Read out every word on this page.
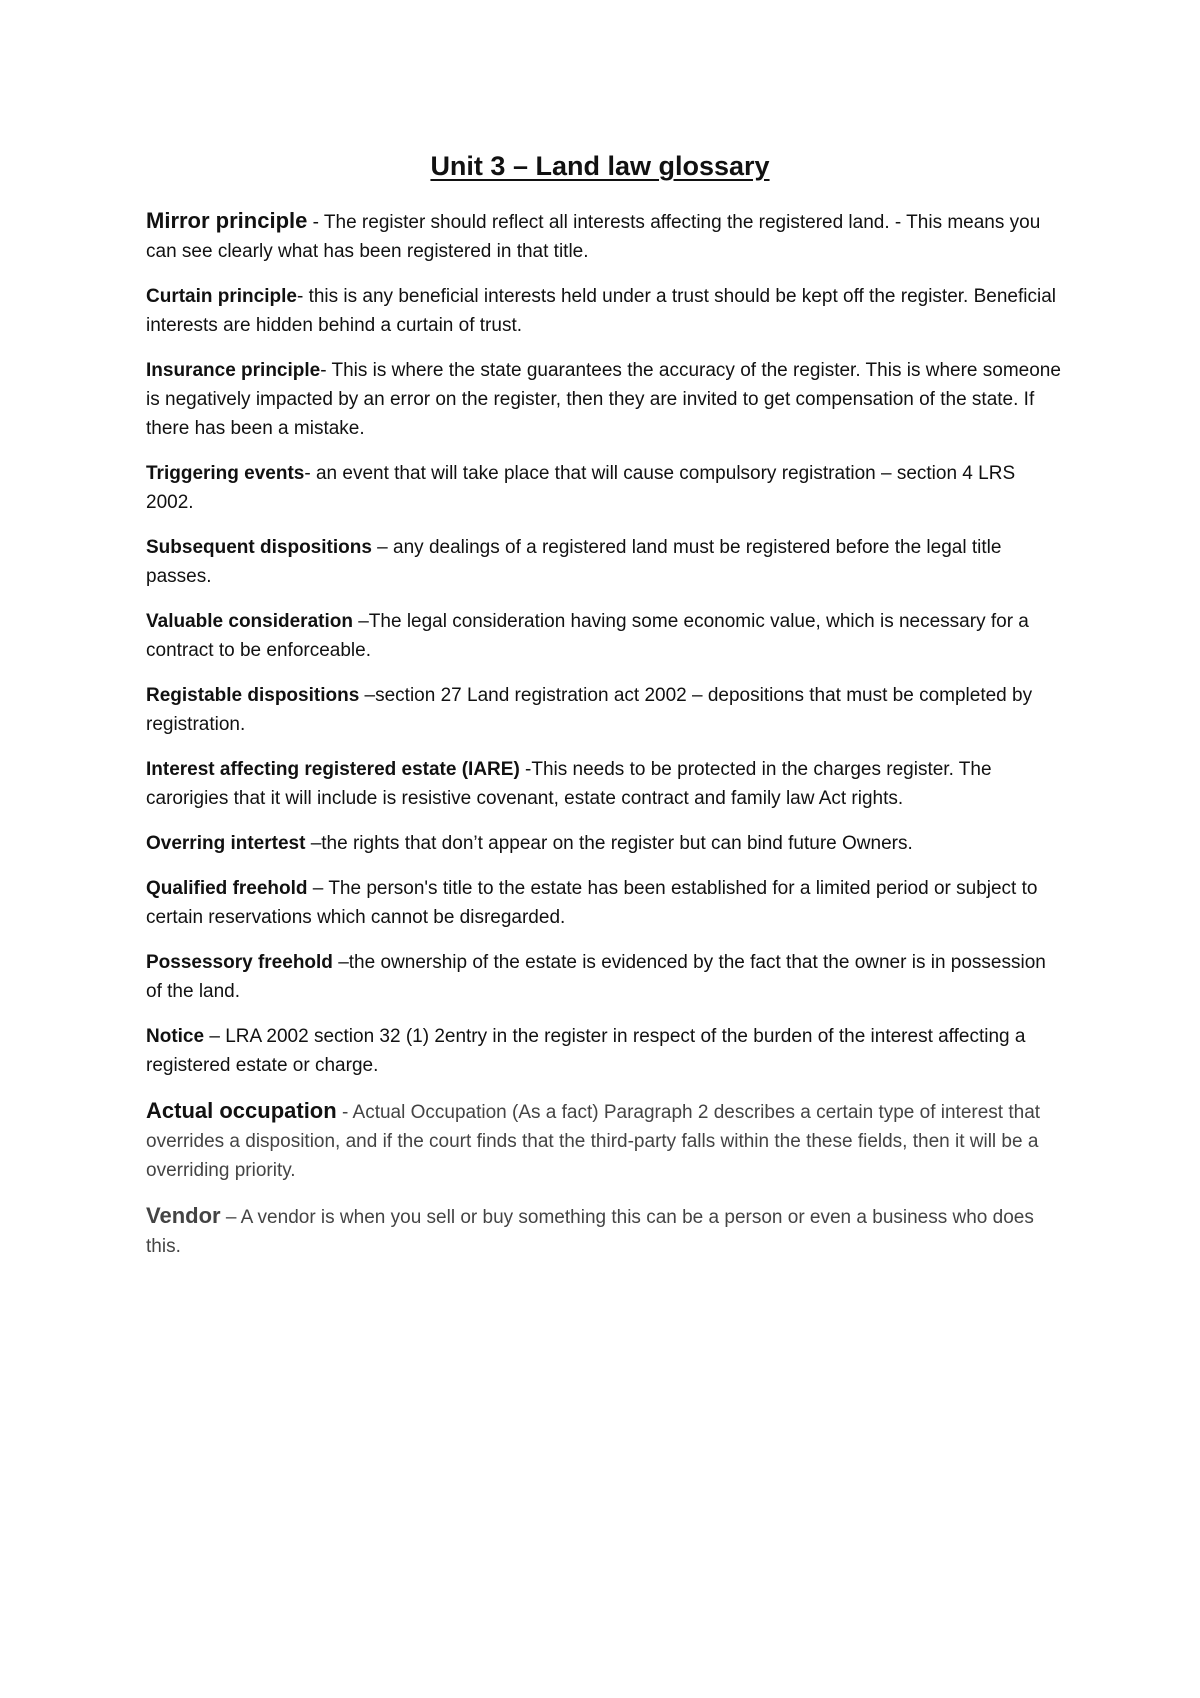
Unit 3 – Land law glossary

Mirror principle - The register should reflect all interests affecting the registered land. - This means you can see clearly what has been registered in that title.

Curtain principle- this is any beneficial interests held under a trust should be kept off the register. Beneficial interests are hidden behind a curtain of trust.

Insurance principle- This is where the state guarantees the accuracy of the register. This is where someone is negatively impacted by an error on the register, then they are invited to get compensation of the state. If there has been a mistake.

Triggering events- an event that will take place that will cause compulsory registration – section 4 LRS 2002.

Subsequent dispositions – any dealings of a registered land must be registered before the legal title passes.

Valuable consideration –The legal consideration having some economic value, which is necessary for a contract to be enforceable.

Registable dispositions –section 27 Land registration act 2002 – depositions that must be completed by registration.

Interest affecting registered estate (IARE) -This needs to be protected in the charges register. The carorigies that it will include is resistive covenant, estate contract and family law Act rights.

Overring intertest –the rights that don’t appear on the register but can bind future Owners.

Qualified freehold – The person's title to the estate has been established for a limited period or subject to certain reservations which cannot be disregarded.

Possessory freehold –the ownership of the estate is evidenced by the fact that the owner is in possession of the land.

Notice – LRA 2002 section 32 (1) 2entry in the register in respect of the burden of the interest affecting a registered estate or charge.

Actual occupation - Actual Occupation (As a fact) Paragraph 2 describes a certain type of interest that overrides a disposition, and if the court finds that the third-party falls within the these fields, then it will be a overriding priority.

Vendor – A vendor is when you sell or buy something this can be a person or even a business who does this.
